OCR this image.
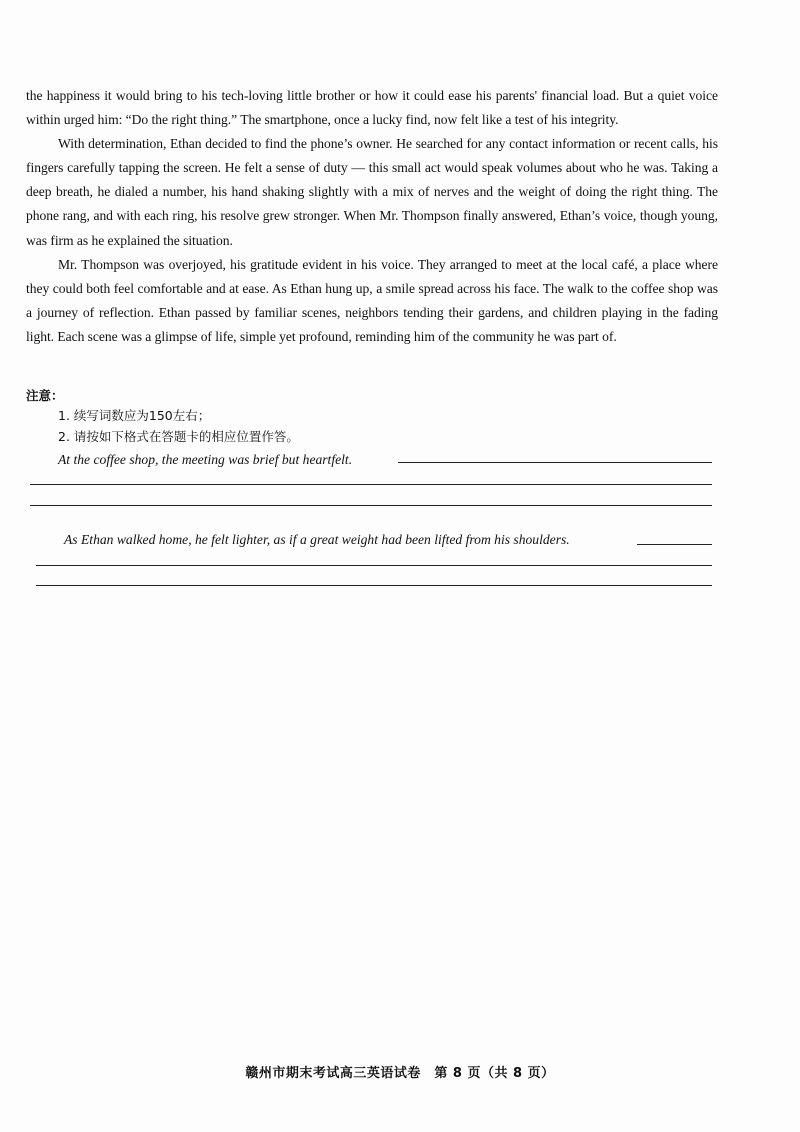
the happiness it would bring to his tech-loving little brother or how it could ease his parents' financial load. But a quiet voice within urged him: “Do the right thing.” The smartphone, once a lucky find, now felt like a test of his integrity.

With determination, Ethan decided to find the phone’s owner. He searched for any contact information or recent calls, his fingers carefully tapping the screen. He felt a sense of duty — this small act would speak volumes about who he was. Taking a deep breath, he dialed a number, his hand shaking slightly with a mix of nerves and the weight of doing the right thing. The phone rang, and with each ring, his resolve grew stronger. When Mr. Thompson finally answered, Ethan’s voice, though young, was firm as he explained the situation.

Mr. Thompson was overjoyed, his gratitude evident in his voice. They arranged to meet at the local café, a place where they could both feel comfortable and at ease. As Ethan hung up, a smile spread across his face. The walk to the coffee shop was a journey of reflection. Ethan passed by familiar scenes, neighbors tending their gardens, and children playing in the fading light. Each scene was a glimpse of life, simple yet profound, reminding him of the community he was part of.

注意：
1. 续写词数应为150左右；
2. 请按如下格式在答题卡的相应位置作答。
At the coffee shop, the meeting was brief but heartfelt.
As Ethan walked home, he felt lighter, as if a great weight had been lifted from his shoulders.
赣州市期末考试高三英语试卷　第 8 页（共 8 页）
